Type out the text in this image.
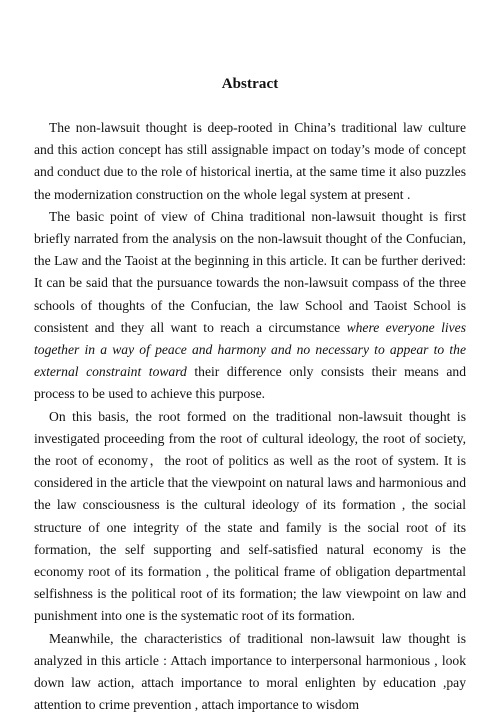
Abstract

The non-lawsuit thought is deep-rooted in China’s traditional law culture and this action concept has still assignable impact on today’s mode of concept and conduct due to the role of historical inertia, at the same time it also puzzles the modernization construction on the whole legal system at present .

The basic point of view of China traditional non-lawsuit thought is first briefly narrated from the analysis on the non-lawsuit thought of the Confucian, the Law and the Taoist at the beginning in this article. It can be further derived: It can be said that the pursuance towards the non-lawsuit compass of the three schools of thoughts of the Confucian, the law School and Taoist School is consistent and they all want to reach a circumstance where everyone lives together in a way of peace and harmony and no necessary to appear to the external constraint toward their difference only consists their means and process to be used to achieve this purpose.

On this basis, the root formed on the traditional non-lawsuit thought is investigated proceeding from the root of cultural ideology, the root of society, the root of economy，the root of politics as well as the root of system. It is considered in the article that the viewpoint on natural laws and harmonious and the law consciousness is the cultural ideology of its formation , the social structure of one integrity of the state and family is the social root of its formation, the self supporting and self-satisfied natural economy is the economy root of its formation , the political frame of obligation departmental selfishness is the political root of its formation; the law viewpoint on law and punishment into one is the systematic root of its formation.

Meanwhile, the characteristics of traditional non-lawsuit law thought is analyzed in this article : Attach importance to interpersonal harmonious , look down law action, attach importance to moral enlighten by education ,pay attention to crime prevention , attach importance to wisdom
